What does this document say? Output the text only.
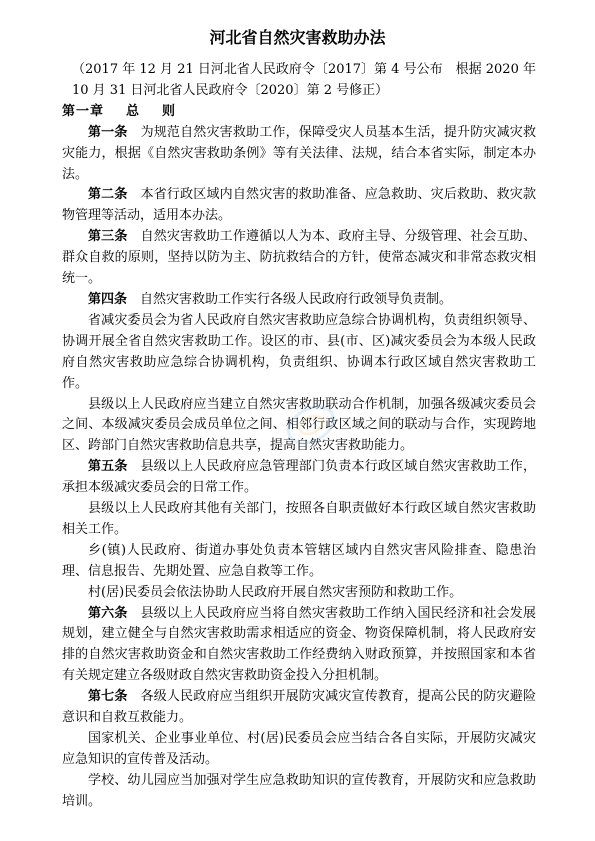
河北省自然灾害救助办法

（2017 年 12 月 21 日河北省人民政府令〔2017〕第 4 号公布　根据 2020 年 10 月 31 日河北省人民政府令〔2020〕第 2 号修正）

第一章 总 则

第一条 为规范自然灾害救助工作，保障受灾人员基本生活，提升防灾减灾救灾能力，根据《自然灾害救助条例》等有关法律、法规，结合本省实际，制定本办法。

第二条 本省行政区域内自然灾害的救助准备、应急救助、灾后救助、救灾款物管理等活动，适用本办法。

第三条 自然灾害救助工作遵循以人为本、政府主导、分级管理、社会互助、群众自救的原则，坚持以防为主、防抗救结合的方针，使常态减灾和非常态救灾相统一。

第四条 自然灾害救助工作实行各级人民政府行政领导负责制。

省减灾委员会为省人民政府自然灾害救助应急综合协调机构，负责组织领导、协调开展全省自然灾害救助工作。设区的市、县(市、区)减灾委员会为本级人民政府自然灾害救助应急综合协调机构，负责组织、协调本行政区域自然灾害救助工作。

县级以上人民政府应当建立自然灾害救助联动合作机制，加强各级减灾委员会之间、本级减灾委员会成员单位之间、相邻行政区域之间的联动与合作，实现跨地区、跨部门自然灾害救助信息共享，提高自然灾害救助能力。

第五条 县级以上人民政府应急管理部门负责本行政区域自然灾害救助工作，承担本级减灾委员会的日常工作。

县级以上人民政府其他有关部门，按照各自职责做好本行政区域自然灾害救助相关工作。

乡(镇)人民政府、街道办事处负责本管辖区域内自然灾害风险排查、隐患治理、信息报告、先期处置、应急自救等工作。

村(居)民委员会依法协助人民政府开展自然灾害预防和救助工作。

第六条 县级以上人民政府应当将自然灾害救助工作纳入国民经济和社会发展规划，建立健全与自然灾害救助需求相适应的资金、物资保障机制，将人民政府安排的自然灾害救助资金和自然灾害救助工作经费纳入财政预算，并按照国家和本省有关规定建立各级财政自然灾害救助资金投入分担机制。

第七条 各级人民政府应当组织开展防灾减灾宣传教育，提高公民的防灾避险意识和自救互救能力。

国家机关、企业事业单位、村(居)民委员会应当结合各自实际，开展防灾减灾应急知识的宣传普及活动。

学校、幼儿园应当加强对学生应急救助知识的宣传教育，开展防灾和应急救助培训。
